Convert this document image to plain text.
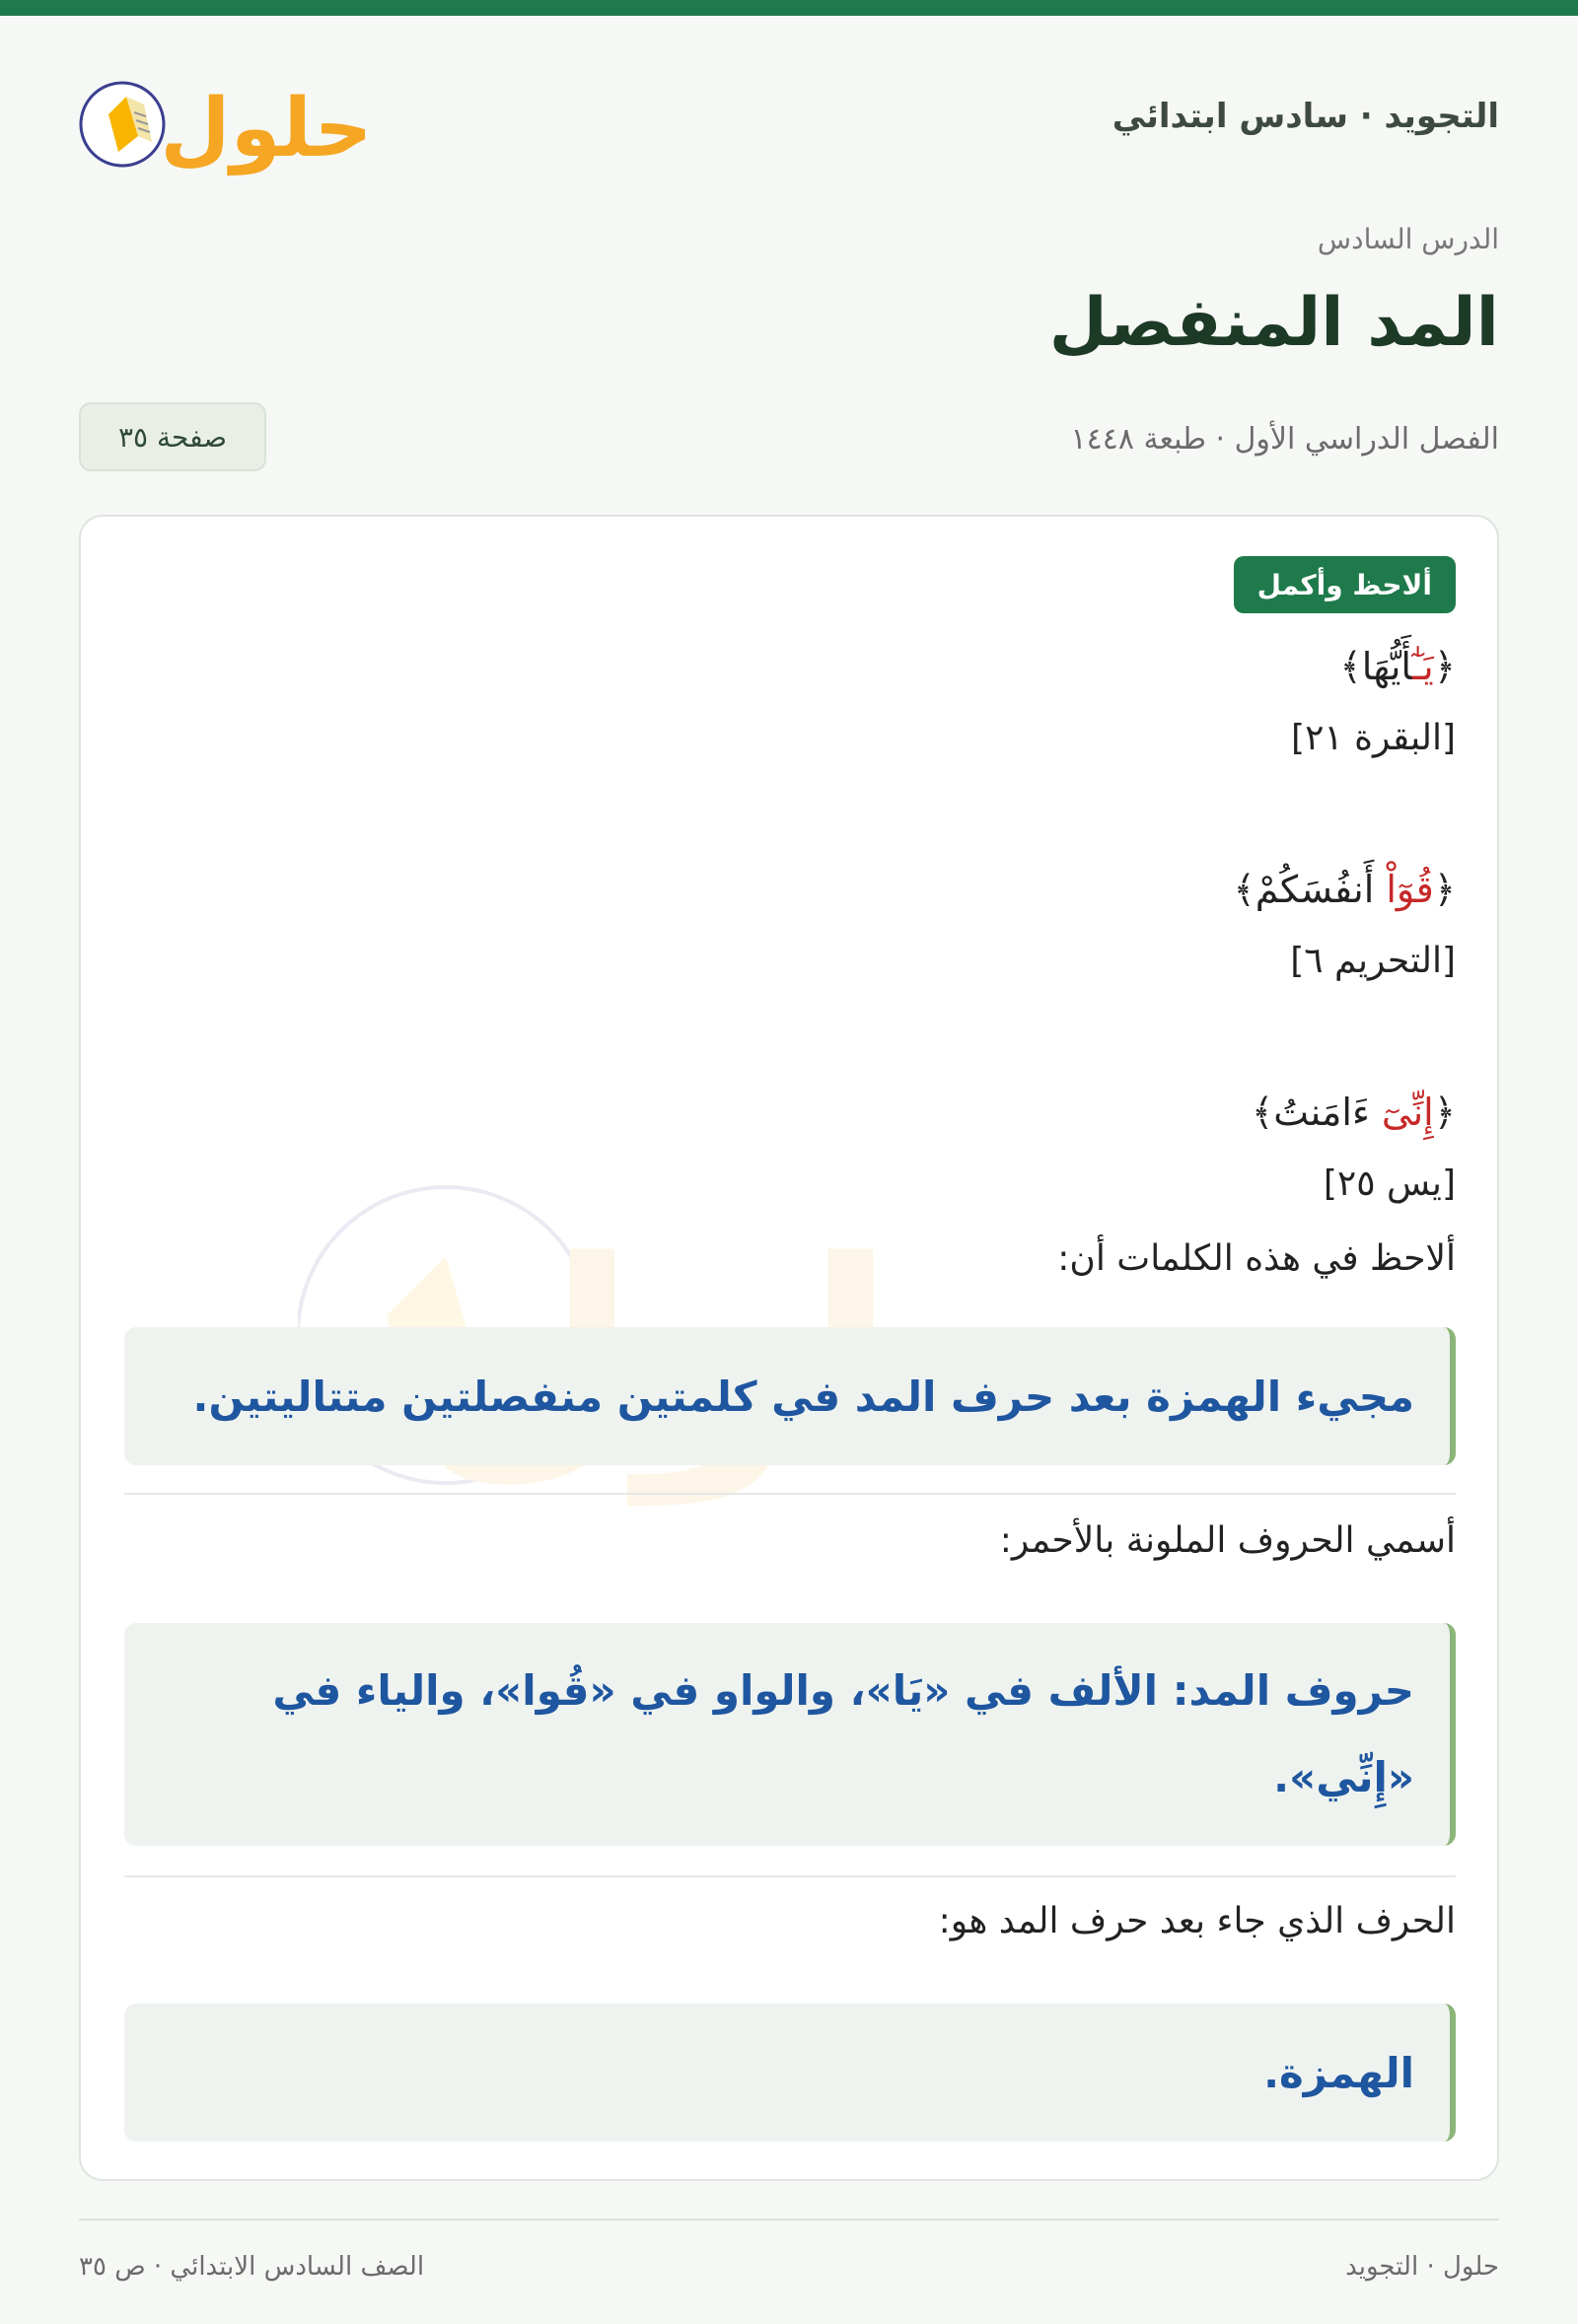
التجويد · سادس ابتدائي
حلول
الدرس السادس
المد المنفصل
الفصل الدراسي الأول · طبعة ١٤٤٨
صفحة ٣٥
ألاحظ وأكمل
﴿يَـٰٓأَيُّهَا﴾
[البقرة ٢١]
﴿قُوٓاْ أَنفُسَكُمْ﴾
[التحريم ٦]
﴿إِنِّىٓ ءَامَنتُ﴾
[يس ٢٥]
ألاحظ في هذه الكلمات أن:
مجيء الهمزة بعد حرف المد في كلمتين منفصلتين متتاليتين.
أسمي الحروف الملونة بالأحمر:
حروف المد: الألف في «يَا»، والواو في «قُوا»، والياء في «إِنِّي».
الحرف الذي جاء بعد حرف المد هو:
الهمزة.
حلول · التجويد
الصف السادس الابتدائي · ص ٣٥
